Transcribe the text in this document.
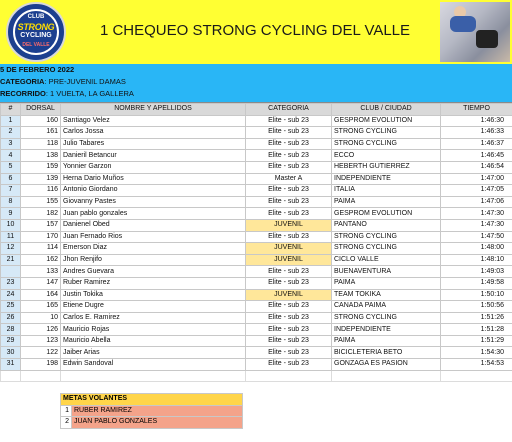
CLUB
STRONG
CYCLING
DEL VALLE
1 CHEQUEO STRONG CYCLING DEL VALLE
5 DE FEBRERO 2022
CATEGORIA: PRE-JUVENIL DAMAS
RECORRIDO: 1 VUELTA, LA GALLERA
#	DORSAL	NOMBRE Y APELLIDOS	CATEGORIA	CLUB / CIUDAD	TIEMPO
1	160	Santiago Velez	Elite - sub 23	GESPROM EVOLUTION	1:46:30
2	161	Carlos Jossa	Elite - sub 23	STRONG CYCLING	1:46:33
3	118	Julio Tabares	Elite - sub 23	STRONG CYCLING	1:46:37
4	138	Danieril Betancur	Elite - sub 23	ECCO	1:46:45
5	159	Yonnier Garzon	Elite - sub 23	HEBERTH GUTIERREZ	1:46:54
6	139	Herna Dario Muños	Master A	INDEPENDIENTE	1:47:00
7	116	Antonio Giordano	Elite - sub 23	ITALIA	1:47:05
8	155	Giovanny Pastes	Elite - sub 23	PAIMA	1:47:06
9	182	Juan pablo gonzales	Elite - sub 23	GESPROM EVOLUTION	1:47:30
10	157	Danienel Obed	JUVENIL	PANTANO	1:47:30
11	170	Juan Fernado Rios	Elite - sub 23	STRONG CYCLING	1:47:50
12	114	Emerson Diaz	JUVENIL	STRONG CYCLING	1:48:00
21	162	Jhon Renjifo	JUVENIL	CICLO VALLE	1:48:10
	133	Andres Guevara	Elite - sub 23	BUENAVENTURA	1:49:03
23	147	Ruber Ramirez	Elite - sub 23	PAIMA	1:49:58
24	164	Justin Tokika	JUVENIL	TEAM TOKIKA	1:50:10
25	165	Etiene Dugre	Elite - sub 23	CANADA PAIMA	1:50:56
26	10	Carlos E. Ramirez	Elite - sub 23	STRONG CYCLING	1:51:26
28	126	Mauricio Rojas	Elite - sub 23	INDEPENDIENTE	1:51:28
29	123	Mauricio Abella	Elite - sub 23	PAIMA	1:51:29
30	122	Jaiber Arias	Elite - sub 23	BICICLETERIA BETO	1:54:30
31	198	Edwin Sandoval	Elite - sub 23	GONZAGA ES PASION	1:54:53

METAS VOLANTES	
1	RUBER RAMIREZ
2	JUAN PABLO GONZALES
